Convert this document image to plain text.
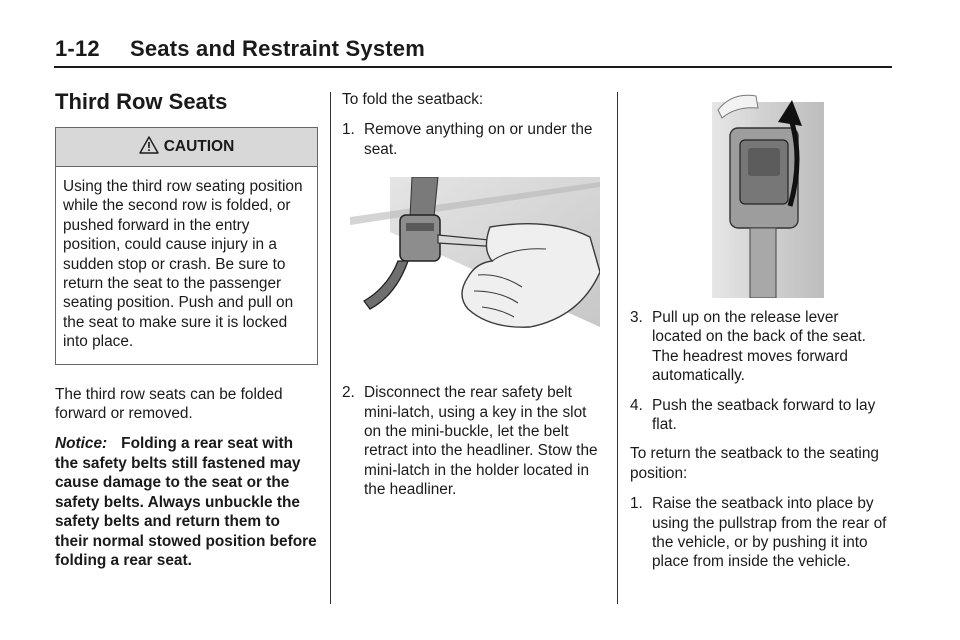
1-12 Seats and Restraint System
Third Row Seats
CAUTION
Using the third row seating position while the second row is folded, or pushed forward in the entry position, could cause injury in a sudden stop or crash. Be sure to return the seat to the passenger seating position. Push and pull on the seat to make sure it is locked into place.

The third row seats can be folded forward or removed.

Notice: Folding a rear seat with the safety belts still fastened may cause damage to the seat or the safety belts. Always unbuckle the safety belts and return them to their normal stowed position before folding a rear seat.

To fold the seatback:

1. Remove anything on or under the seat.
2. Disconnect the rear safety belt mini-latch, using a key in the slot on the mini-buckle, let the belt retract into the headliner. Stow the mini-latch in the holder located in the headliner.
3. Pull up on the release lever located on the back of the seat. The headrest moves forward automatically.
4. Push the seatback forward to lay flat.

To return the seatback to the seating position:

1. Raise the seatback into place by using the pullstrap from the rear of the vehicle, or by pushing it into place from inside the vehicle.
